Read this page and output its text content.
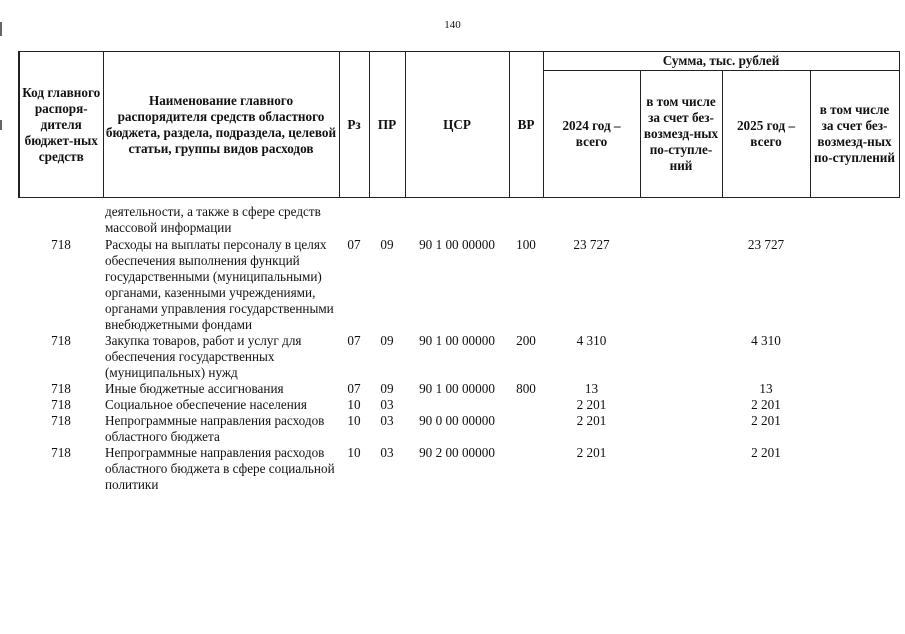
140
Код главного распоря-дителя бюджет-ных средств	Наименование главного распорядителя средств областного бюджета, раздела, подраздела, целевой статьи, группы видов расходов	Рз	ПР	ЦСР	ВР	Сумма, тыс. рублей			
						2024 год – всего	в том числе за счет без-возмезд-ных по-ступле-ний	2025 год – всего	в том числе за счет без-возмезд-ных по-ступлений
	деятельности, а также в сфере средств массовой информации								
718	Расходы на выплаты персоналу в целях обеспечения выполнения функций государственными (муниципальными) органами, казенными учреждениями, органами управления государственными внебюджетными фондами	07	09	90 1 00 00000	100	23 727		23 727	
718	Закупка товаров, работ и услуг для обеспечения государственных (муниципальных) нужд	07	09	90 1 00 00000	200	4 310		4 310	
718	Иные бюджетные ассигнования	07	09	90 1 00 00000	800	13		13	
718	Социальное обеспечение населения	10	03			2 201		2 201	
718	Непрограммные направления расходов областного бюджета	10	03	90 0 00 00000		2 201		2 201	
718	Непрограммные направления расходов областного бюджета в сфере социальной политики	10	03	90 2 00 00000		2 201		2 201	
